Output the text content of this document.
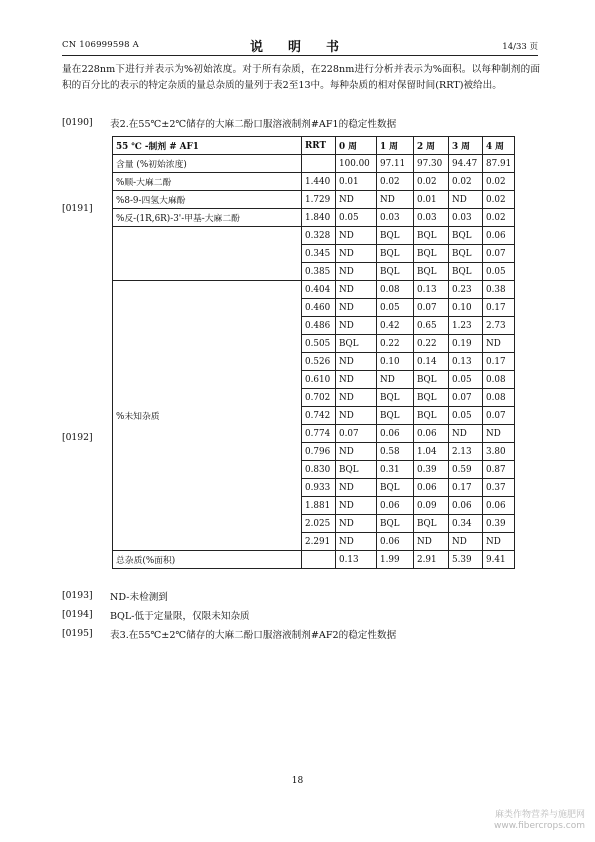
CN 106999598 A	说　明　书	14/33 页
量在228nm下进行并表示为%初始浓度。对于所有杂质，在228nm进行分析并表示为%面积。以每种制剂的面积的百分比的表示的特定杂质的量总杂质的量列于表2至13中。每种杂质的相对保留时间(RRT)被给出。
[0190] 表2.在55℃±2℃储存的大麻二酚口服溶液制剂#AF1的稳定性数据
[0191]
[0192]
55 ℃ -制剂 # AF1	RRT	0 周	1 周	2 周	3 周	4 周
含量 (%初始浓度)		100.00	97.11	97.30	94.47	87.91
%顺-大麻二酚	1.440	0.01	0.02	0.02	0.02	0.02
%8-9-四氢大麻酚	1.729	ND	ND	0.01	ND	0.02
%反-(1R,6R)-3'-甲基-大麻二酚	1.840	0.05	0.03	0.03	0.03	0.02
	0.328	ND	BQL	BQL	BQL	0.06
	0.345	ND	BQL	BQL	BQL	0.07
	0.385	ND	BQL	BQL	BQL	0.05
%未知杂质	0.404	ND	0.08	0.13	0.23	0.38
	0.460	ND	0.05	0.07	0.10	0.17
	0.486	ND	0.42	0.65	1.23	2.73
	0.505	BQL	0.22	0.22	0.19	ND
	0.526	ND	0.10	0.14	0.13	0.17
	0.610	ND	ND	BQL	0.05	0.08
	0.702	ND	BQL	BQL	0.07	0.08
	0.742	ND	BQL	BQL	0.05	0.07
	0.774	0.07	0.06	0.06	ND	ND
	0.796	ND	0.58	1.04	2.13	3.80
	0.830	BQL	0.31	0.39	0.59	0.87
	0.933	ND	BQL	0.06	0.17	0.37
	1.881	ND	0.06	0.09	0.06	0.06
	2.025	ND	BQL	BQL	0.34	0.39
	2.291	ND	0.06	ND	ND	ND
总杂质(%面积)		0.13	1.99	2.91	5.39	9.41
[0193] ND-未检测到
[0194] BQL-低于定量限，仅限未知杂质
[0195] 表3.在55℃±2℃储存的大麻二酚口服溶液制剂#AF2的稳定性数据
18
麻类作物营养与施肥网
www.fibercrops.com
